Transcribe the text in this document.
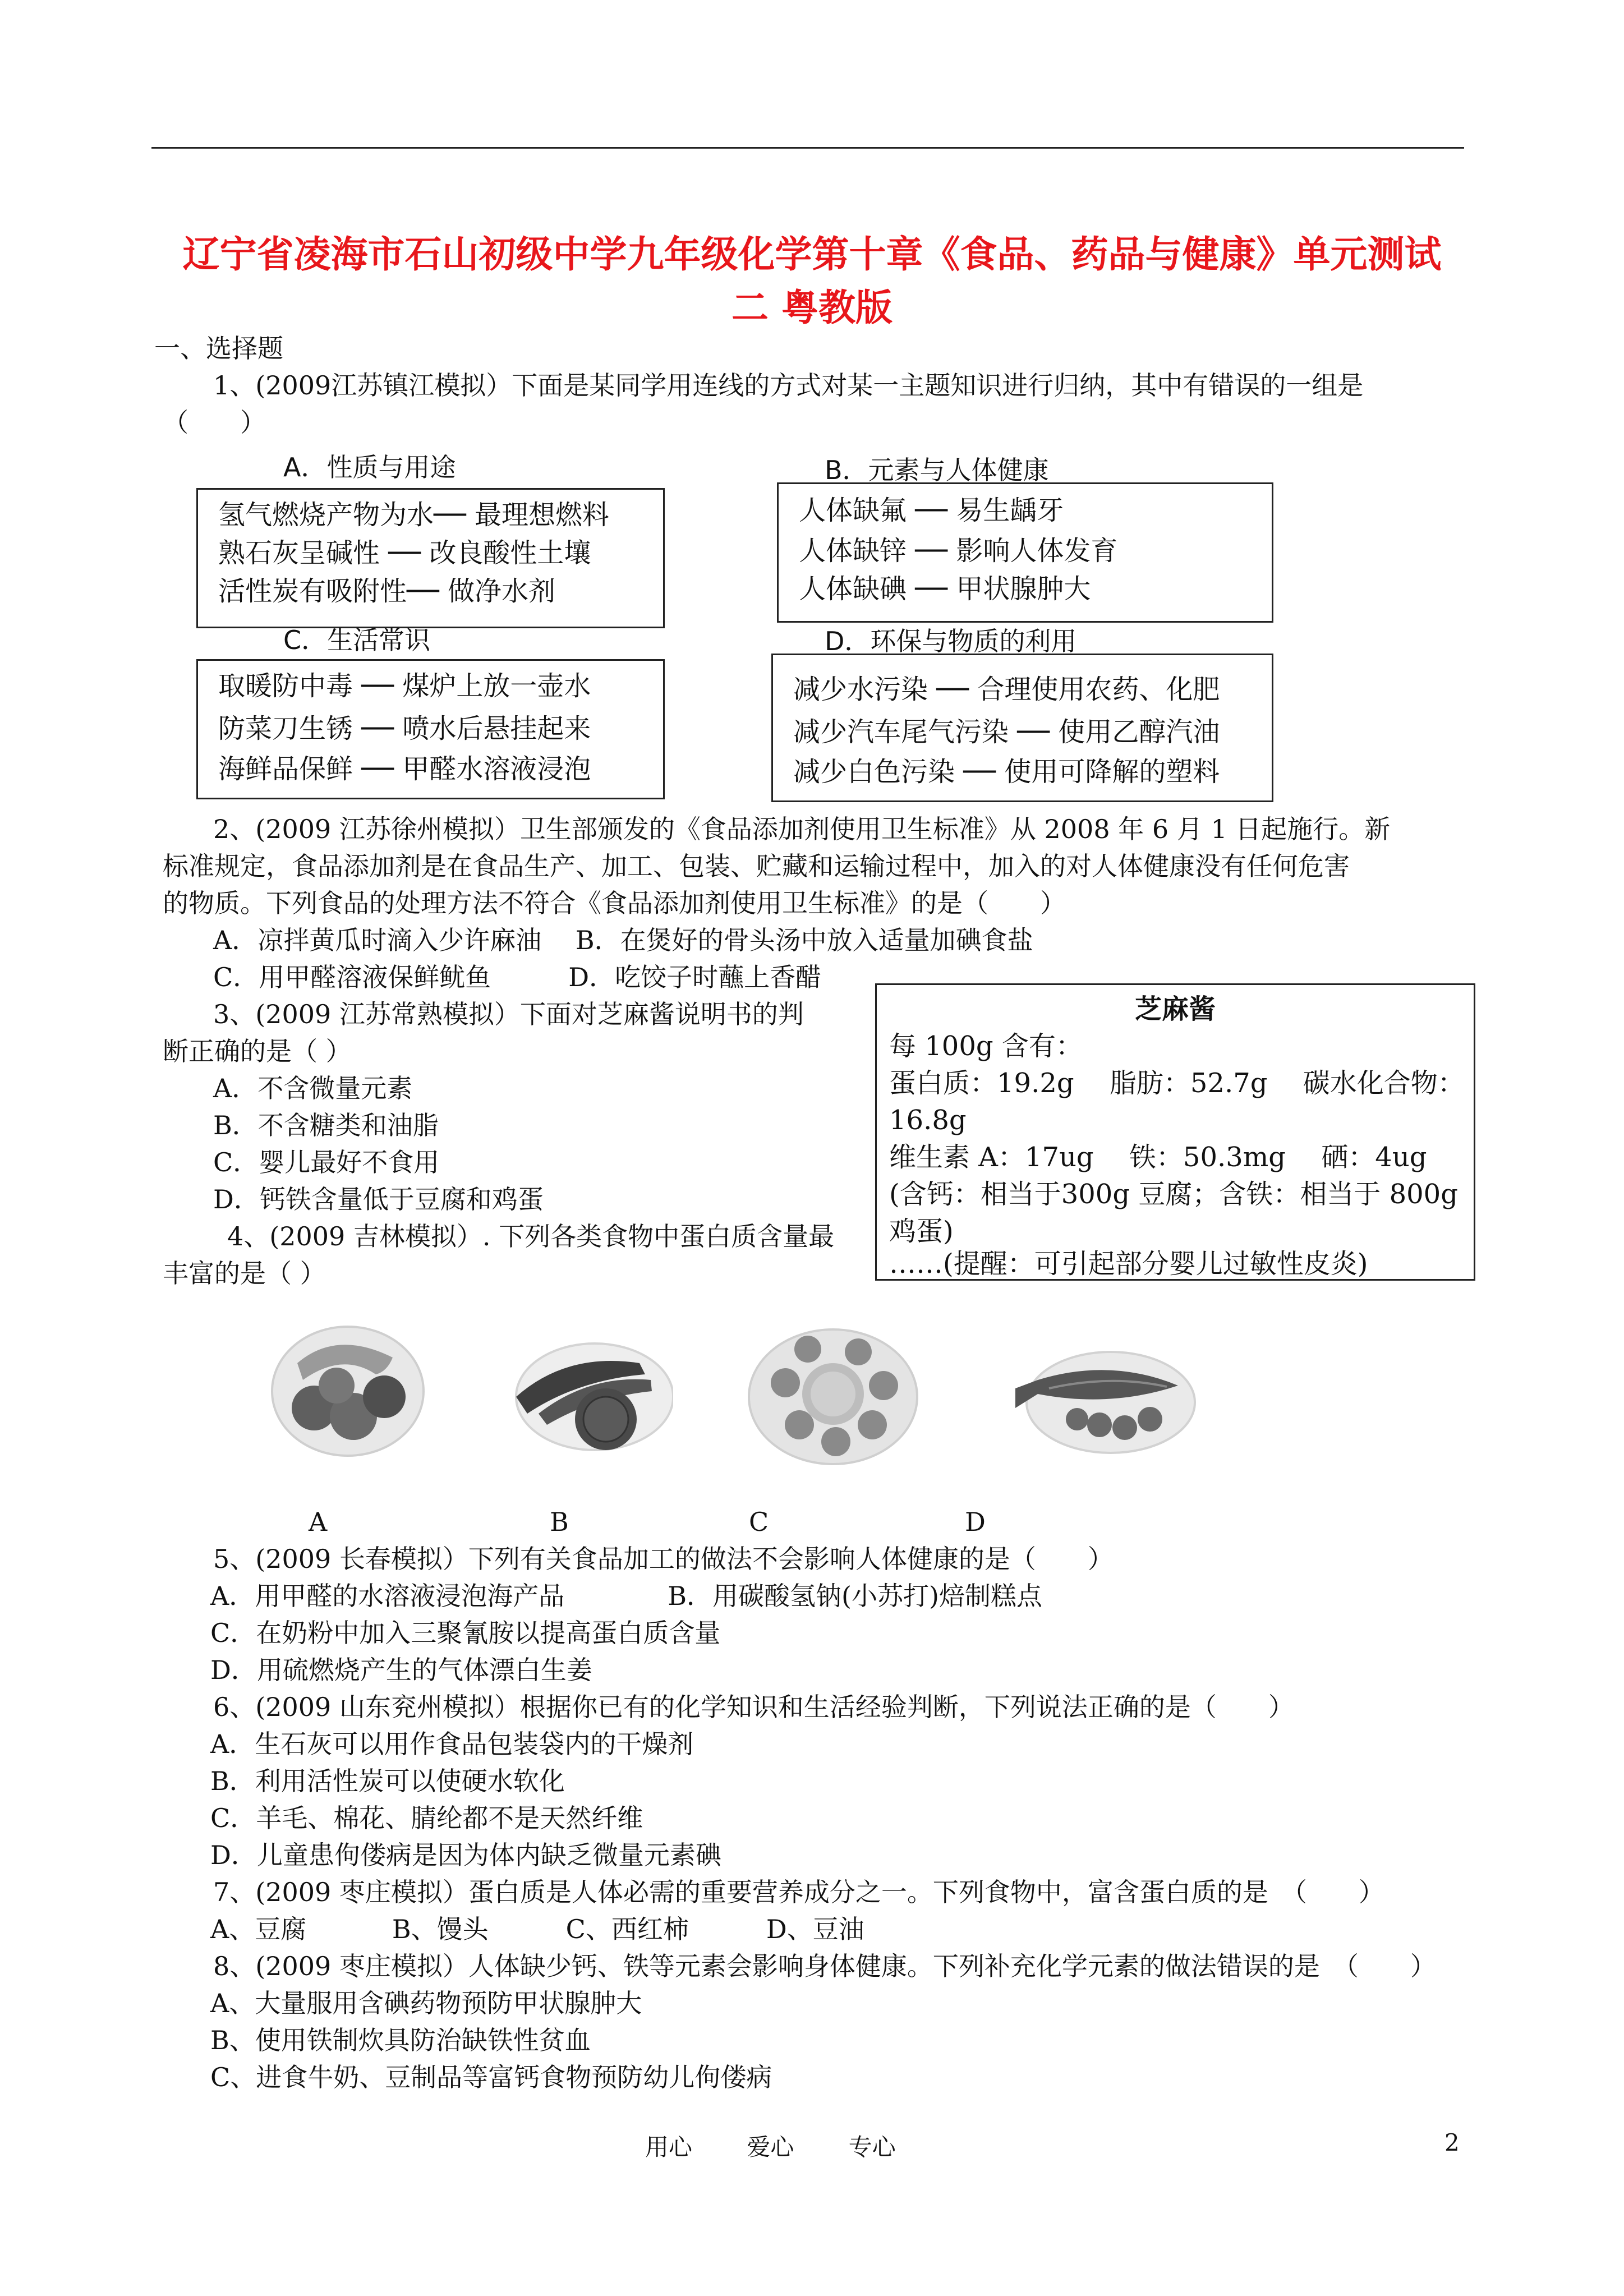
辽宁省凌海市石山初级中学九年级化学第十章《食品、药品与健康》单元测试
二 粤教版
一、选择题
1、(2009江苏镇江模拟）下面是某同学用连线的方式对某一主题知识进行归纳，其中有错误的一组是
（　　）
A．性质与用途	B．元素与人体健康
氢气燃烧产物为水── 最理想燃料
熟石灰呈碱性 ── 改良酸性土壤
活性炭有吸附性── 做净水剂
人体缺氟 ── 易生龋牙
人体缺锌 ── 影响人体发育
人体缺碘 ── 甲状腺肿大
C．生活常识	D．环保与物质的利用
取暖防中毒 ── 煤炉上放一壶水
防菜刀生锈 ── 喷水后悬挂起来
海鲜品保鲜 ── 甲醛水溶液浸泡
减少水污染 ── 合理使用农药、化肥
减少汽车尾气污染 ── 使用乙醇汽油
减少白色污染 ── 使用可降解的塑料
2、(2009 江苏徐州模拟）卫生部颁发的《食品添加剂使用卫生标准》从 2008 年 6 月 1 日起施行。新
标准规定，食品添加剂是在食品生产、加工、包装、贮藏和运输过程中，加入的对人体健康没有任何危害
的物质。下列食品的处理方法不符合《食品添加剂使用卫生标准》的是（　　）
A．凉拌黄瓜时滴入少许麻油　 B．在煲好的骨头汤中放入适量加碘食盐
C．用甲醛溶液保鲜鱿鱼　　　D．吃饺子时蘸上香醋
3、(2009 江苏常熟模拟）下面对芝麻酱说明书的判
断正确的是（ ）
A．不含微量元素
B．不含糖类和油脂
C．婴儿最好不食用
D．钙铁含量低于豆腐和鸡蛋
芝麻酱
每 100g 含有：
蛋白质：19.2g　 脂肪：52.7g　 碳水化合物：
16.8g
维生素 A：17ug　 铁：50.3mg　 硒：4ug
(含钙：相当于300g 豆腐；含铁：相当于 800g
鸡蛋)
……(提醒：可引起部分婴儿过敏性皮炎)
4、(2009 吉林模拟）. 下列各类食物中蛋白质含量最
丰富的是（ ）
A	B	C	D
5、(2009 长春模拟）下列有关食品加工的做法不会影响人体健康的是（　　）
A．用甲醛的水溶液浸泡海产品　　　　B．用碳酸氢钠(小苏打)焙制糕点
C．在奶粉中加入三聚氰胺以提高蛋白质含量
D．用硫燃烧产生的气体漂白生姜
6、(2009 山东兖州模拟）根据你已有的化学知识和生活经验判断，下列说法正确的是（　　）
A．生石灰可以用作食品包装袋内的干燥剂
B．利用活性炭可以使硬水软化
C．羊毛、棉花、腈纶都不是天然纤维
D．儿童患佝偻病是因为体内缺乏微量元素碘
7、(2009 枣庄模拟）蛋白质是人体必需的重要营养成分之一。下列食物中，富含蛋白质的是　（　　）
A、豆腐　　　 B、馒头　　　C、西红柿　　　D、豆油
8、(2009 枣庄模拟）人体缺少钙、铁等元素会影响身体健康。下列补充化学元素的做法错误的是　（　　）
A、大量服用含碘药物预防甲状腺肿大
B、使用铁制炊具防治缺铁性贫血
C、进食牛奶、豆制品等富钙食物预防幼儿佝偻病
用心　　 爱心　　 专心	2
